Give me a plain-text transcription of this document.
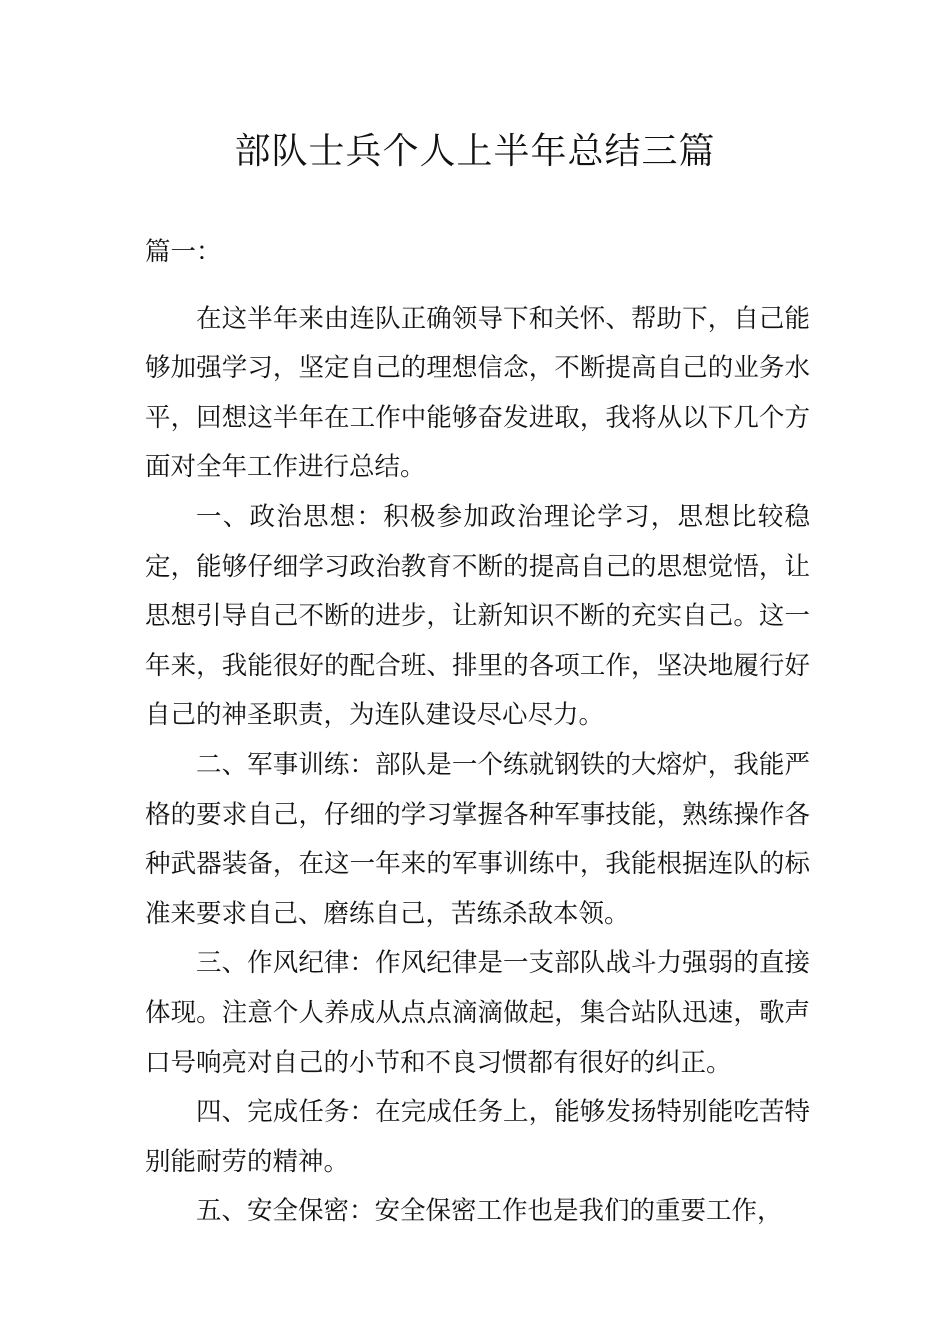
部队士兵个人上半年总结三篇

篇一：

在这半年来由连队正确领导下和关怀、帮助下，自己能够加强学习，坚定自己的理想信念，不断提高自己的业务水平，回想这半年在工作中能够奋发进取，我将从以下几个方面对全年工作进行总结。

一、政治思想：积极参加政治理论学习，思想比较稳定，能够仔细学习政治教育不断的提高自己的思想觉悟，让思想引导自己不断的进步，让新知识不断的充实自己。这一年来，我能很好的配合班、排里的各项工作，坚决地履行好自己的神圣职责，为连队建设尽心尽力。

二、军事训练：部队是一个练就钢铁的大熔炉，我能严格的要求自己，仔细的学习掌握各种军事技能，熟练操作各种武器装备，在这一年来的军事训练中，我能根据连队的标准来要求自己、磨练自己，苦练杀敌本领。

三、作风纪律：作风纪律是一支部队战斗力强弱的直接体现。注意个人养成从点点滴滴做起，集合站队迅速，歌声口号响亮对自己的小节和不良习惯都有很好的纠正。

四、完成任务：在完成任务上，能够发扬特别能吃苦特别能耐劳的精神。

五、安全保密：安全保密工作也是我们的重要工作，
